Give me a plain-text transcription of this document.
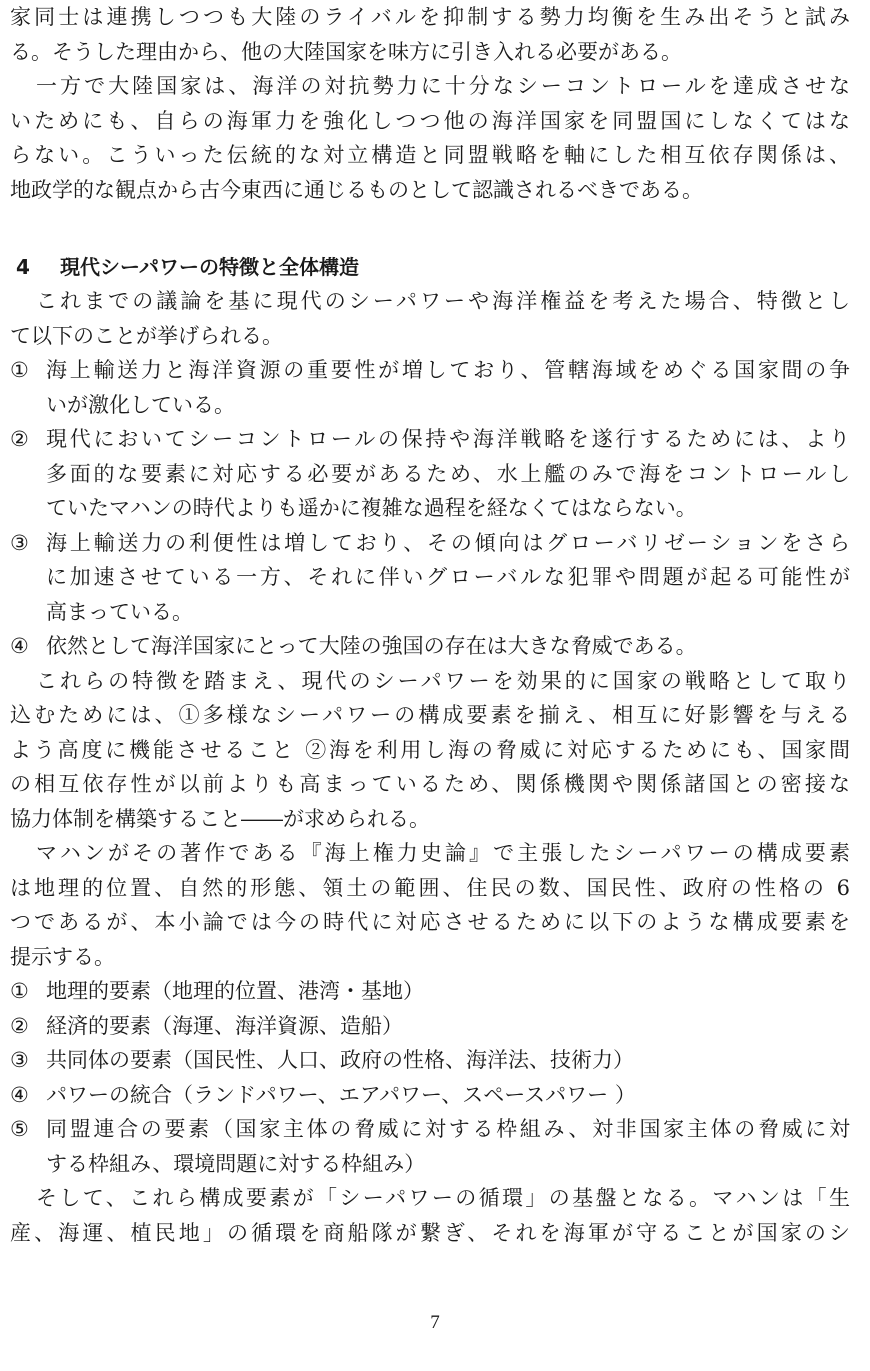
家同士は連携しつつも大陸のライバルを抑制する勢力均衡を生み出そうと試み
る。そうした理由から、他の大陸国家を味方に引き入れる必要がある。
一方で大陸国家は、海洋の対抗勢力に十分なシーコントロールを達成させな
いためにも、自らの海軍力を強化しつつ他の海洋国家を同盟国にしなくてはな
らない。こういった伝統的な対立構造と同盟戦略を軸にした相互依存関係は、
地政学的な観点から古今東西に通じるものとして認識されるべきである。
4 現代シーパワーの特徴と全体構造
これまでの議論を基に現代のシーパワーや海洋権益を考えた場合、特徴とし
て以下のことが挙げられる。
① 海上輸送力と海洋資源の重要性が増しており、管轄海域をめぐる国家間の争
いが激化している。
② 現代においてシーコントロールの保持や海洋戦略を遂行するためには、より
多面的な要素に対応する必要があるため、水上艦のみで海をコントロールし
ていたマハンの時代よりも遥かに複雑な過程を経なくてはならない。
③ 海上輸送力の利便性は増しており、その傾向はグローバリゼーションをさら
に加速させている一方、それに伴いグローバルな犯罪や問題が起る可能性が
高まっている。
④ 依然として海洋国家にとって大陸の強国の存在は大きな脅威である。
これらの特徴を踏まえ、現代のシーパワーを効果的に国家の戦略として取り
込むためには、①多様なシーパワーの構成要素を揃え、相互に好影響を与える
よう高度に機能させること ②海を利用し海の脅威に対応するためにも、国家間
の相互依存性が以前よりも高まっているため、関係機関や関係諸国との密接な
協力体制を構築すること――が求められる。
マハンがその著作である『海上権力史論』で主張したシーパワーの構成要素
は地理的位置、自然的形態、領土の範囲、住民の数、国民性、政府の性格の 6
つであるが、本小論では今の時代に対応させるために以下のような構成要素を
提示する。
① 地理的要素（地理的位置、港湾・基地）
② 経済的要素（海運、海洋資源、造船）
③ 共同体の要素（国民性、人口、政府の性格、海洋法、技術力）
④ パワーの統合（ランドパワー、エアパワー、スペースパワー ）
⑤ 同盟連合の要素（国家主体の脅威に対する枠組み、対非国家主体の脅威に対
する枠組み、環境問題に対する枠組み）
そして、これら構成要素が「シーパワーの循環」の基盤となる。マハンは「生
産、海運、植民地」の循環を商船隊が繋ぎ、それを海軍が守ることが国家のシ
7
